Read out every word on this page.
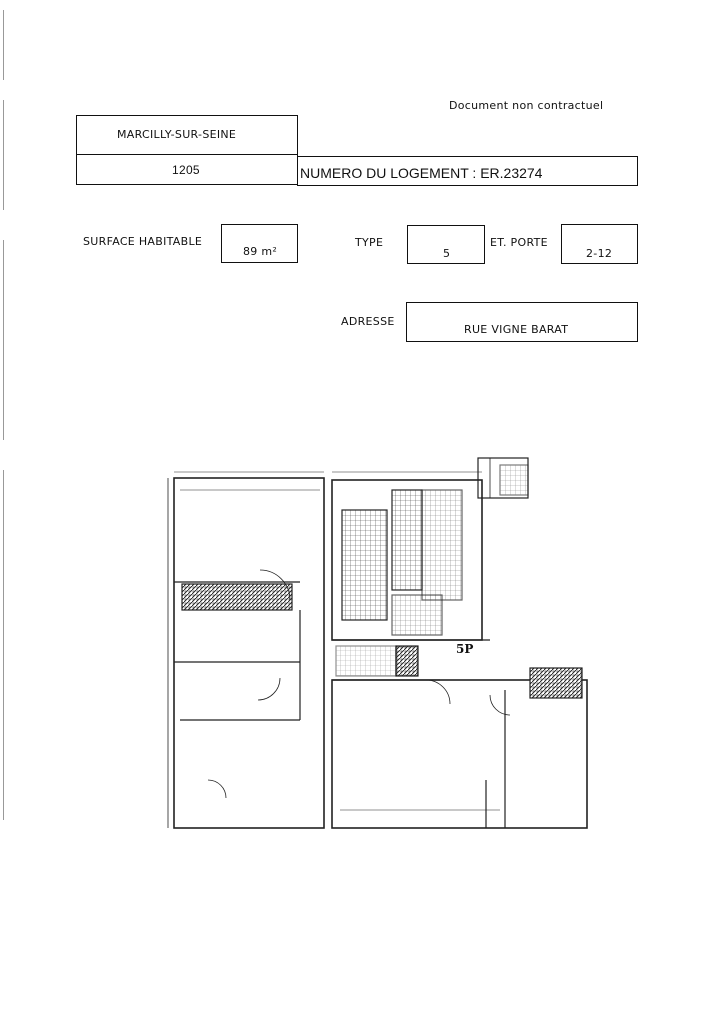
Document non contractuel
MARCILLY-SUR-SEINE
1205	NUMERO DU LOGEMENT : ER.23274
SURFACE HABITABLE
89 m²
TYPE
5
ET. PORTE
2-12
ADRESSE
RUE VIGNE BARAT
5P
